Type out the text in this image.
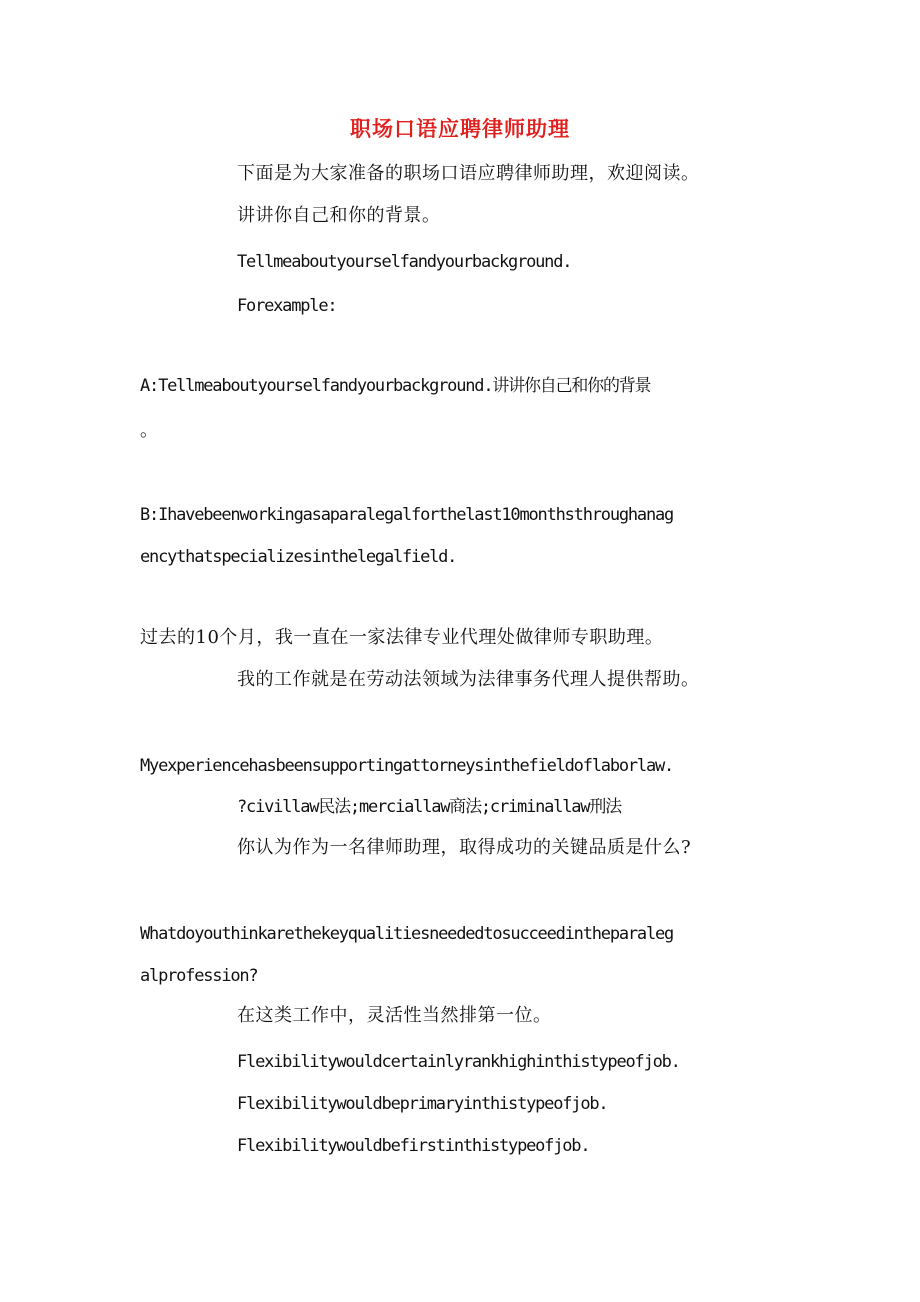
职场口语应聘律师助理
下面是为大家准备的职场口语应聘律师助理，欢迎阅读。
讲讲你自己和你的背景。
Tellmeaboutyourselfandyourbackground.
Forexample:
A:Tellmeaboutyourselfandyourbackground.讲讲你自己和你的背景
。
B:Ihavebeenworkingasaparalegalforthelast10monthsthroughanag
encythatspecializesinthelegalfield.
过去的10个月，我一直在一家法律专业代理处做律师专职助理。
我的工作就是在劳动法领域为法律事务代理人提供帮助。
Myexperiencehasbeensupportingattorneysinthefieldoflaborlaw.
?civillaw民法;merciallaw商法;criminallaw刑法
你认为作为一名律师助理，取得成功的关键品质是什么?
Whatdoyouthinkarethekeyqualitiesneededtosucceedintheparaleg
alprofession?
在这类工作中，灵活性当然排第一位。
Flexibilitywouldcertainlyrankhighinthistypeofjob.
Flexibilitywouldbeprimaryinthistypeofjob.
Flexibilitywouldbefirstinthistypeofjob.
